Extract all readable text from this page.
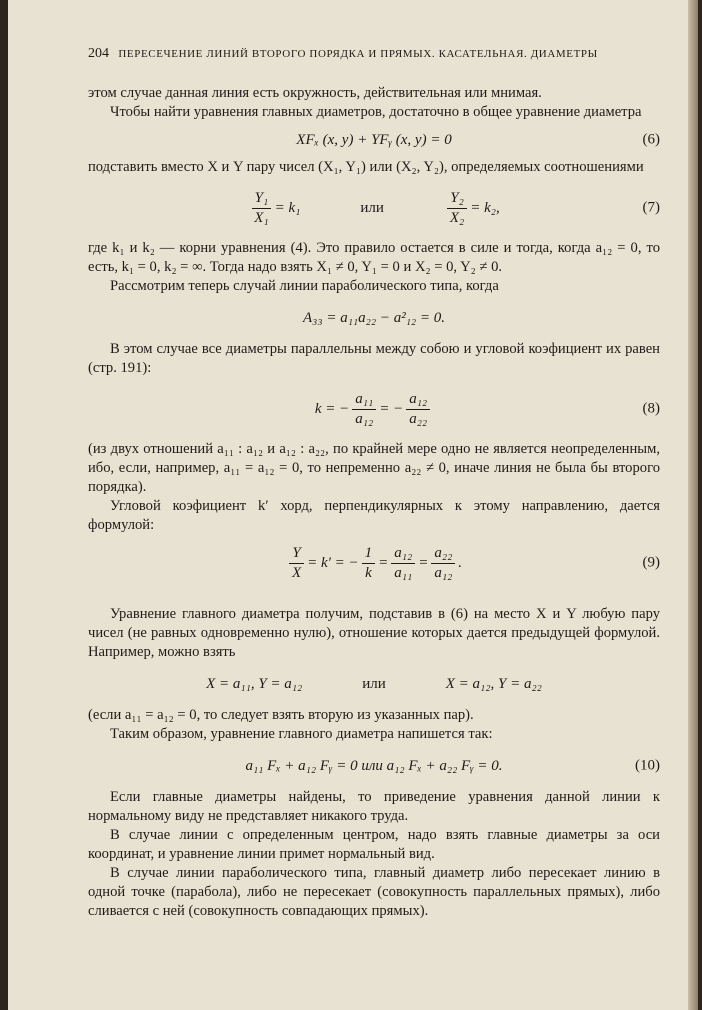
204 ПЕРЕСЕЧЕНИЕ ЛИНИЙ ВТОРОГО ПОРЯДКА И ПРЯМЫХ. КАСАТЕЛЬНАЯ. ДИАМЕТРЫ

этом случае данная линия есть окружность, действительная или мнимая.

Чтобы найти уравнения главных диаметров, достаточно в общее уравнение диаметра

XFₓ (x, y) + YFᵧ (x, y) = 0	(6)

подставить вместо X и Y пару чисел (X₁, Y₁) или (X₂, Y₂), определяемых соотношениями

$\frac{\text{Y₁}}{\text{X₁}} = k_1$	или	$\frac{\text{Y₂}}{\text{X₂}} = k_2$,	(7)

где k₁ и k₂ — корни уравнения (4). Это правило остается в силе и тогда, когда a₁₂ = 0, то есть, k₁ = 0, k₂ = ∞. Тогда надо взять X₁ ≠ 0, Y₁ = 0 и X₂ = 0, Y₂ ≠ 0.

Рассмотрим теперь случай линии параболического типа, когда

A₃₃ = a₁₁a₂₂ − a²₁₂ = 0.

В этом случае все диаметры параллельны между собою и угловой коэфициент их равен (стр. 191):

k = − $\frac{\text{a₁₁}}{\text{a₁₂}}$ = − $\frac{\text{a₁₂}}{\text{a₂₂}}$	(8)

(из двух отношений a₁₁ : a₁₂ и a₁₂ : a₂₂, по крайней мере одно не является неопределенным, ибо, если, например, a₁₁ = a₁₂ = 0, то непременно a₂₂ ≠ 0, иначе линия не была бы второго порядка).

Угловой коэфициент k′ хорд, перпендикулярных к этому направлению, дается формулой:

$\frac{Y}{X} = k'$ = − $\frac{1}{k} = \frac{\text{a₁₂}}{\text{a₁₁}} = \frac{\text{a₂₂}}{\text{a₁₂}}$ .	(9)

Уравнение главного диаметра получим, подставив в (6) на место X и Y любую пару чисел (не равных одновременно нулю), отношение которых дается предыдущей формулой. Например, можно взять

X = a₁₁, Y = a₁₂	или	X = a₁₂, Y = a₂₂

(если a₁₁ = a₁₂ = 0, то следует взять вторую из указанных пар).

Таким образом, уравнение главного диаметра напишется так:

a₁₁ Fₓ + a₁₂ Fᵧ = 0 или a₁₂ Fₓ + a₂₂ Fᵧ = 0.	(10)

Если главные диаметры найдены, то приведение уравнения данной линии к нормальному виду не представляет никакого труда.

В случае линии с определенным центром, надо взять главные диаметры за оси координат, и уравнение линии примет нормальный вид.

В случае линии параболического типа, главный диаметр либо пересекает линию в одной точке (парабола), либо не пересекает (совокупность параллельных прямых), либо сливается с ней (совокупность совпадающих прямых).
